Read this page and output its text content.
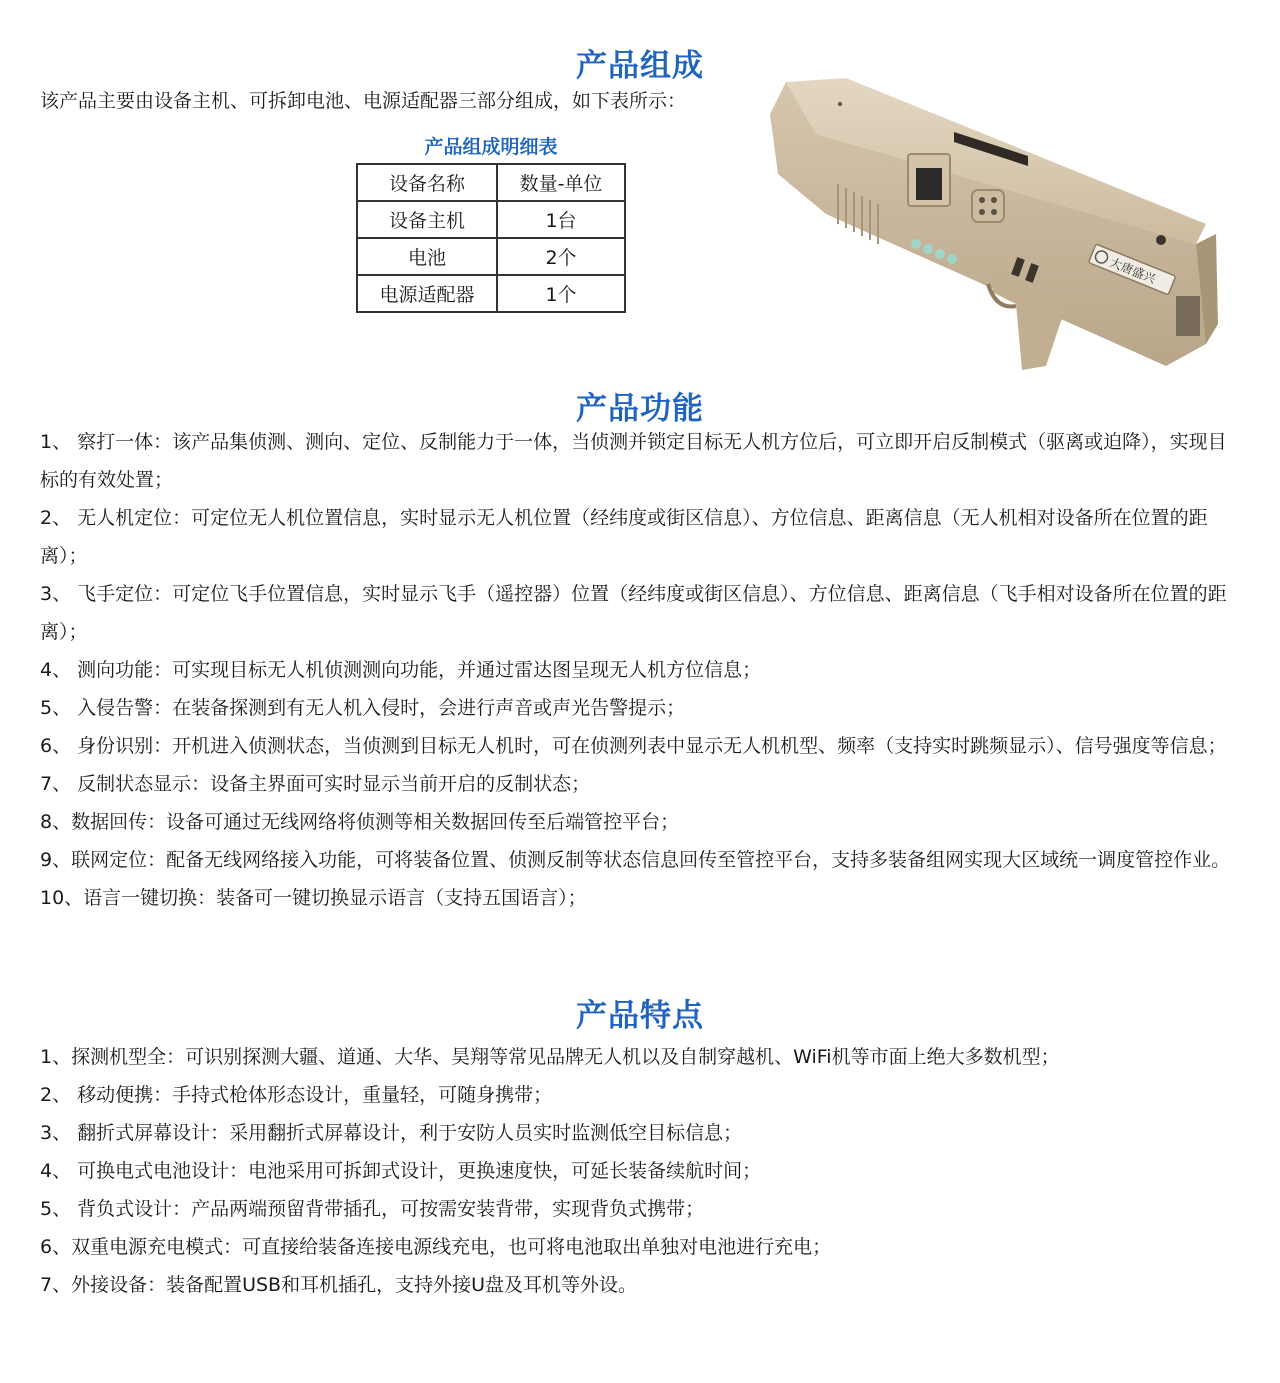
产品组成
该产品主要由设备主机、可拆卸电池、电源适配器三部分组成，如下表所示：
产品组成明细表
设备名称	数量-单位
设备主机	1台
电池	2个
电源适配器	1个
大唐盛兴
产品功能
1、 察打一体：该产品集侦测、测向、定位、反制能力于一体，当侦测并锁定目标无人机方位后，可立即开启反制模式（驱离或迫降），实现目标的有效处置；
2、 无人机定位：可定位无人机位置信息，实时显示无人机位置（经纬度或街区信息）、方位信息、距离信息（无人机相对设备所在位置的距离）；
3、 飞手定位：可定位飞手位置信息，实时显示飞手（遥控器）位置（经纬度或街区信息）、方位信息、距离信息（飞手相对设备所在位置的距离）；
4、 测向功能：可实现目标无人机侦测测向功能，并通过雷达图呈现无人机方位信息；
5、 入侵告警：在装备探测到有无人机入侵时，会进行声音或声光告警提示；
6、 身份识别：开机进入侦测状态，当侦测到目标无人机时，可在侦测列表中显示无人机机型、频率（支持实时跳频显示）、信号强度等信息；
7、 反制状态显示：设备主界面可实时显示当前开启的反制状态；
8、数据回传：设备可通过无线网络将侦测等相关数据回传至后端管控平台；
9、联网定位：配备无线网络接入功能，可将装备位置、侦测反制等状态信息回传至管控平台，支持多装备组网实现大区域统一调度管控作业。
10、语言一键切换：装备可一键切换显示语言（支持五国语言）；
产品特点
1、探测机型全：可识别探测大疆、道通、大华、昊翔等常见品牌无人机以及自制穿越机、WiFi机等市面上绝大多数机型；
2、 移动便携：手持式枪体形态设计，重量轻，可随身携带；
3、 翻折式屏幕设计：采用翻折式屏幕设计，利于安防人员实时监测低空目标信息；
4、 可换电式电池设计：电池采用可拆卸式设计，更换速度快，可延长装备续航时间；
5、 背负式设计：产品两端预留背带插孔，可按需安装背带，实现背负式携带；
6、双重电源充电模式：可直接给装备连接电源线充电，也可将电池取出单独对电池进行充电；
7、外接设备：装备配置USB和耳机插孔，支持外接U盘及耳机等外设。
